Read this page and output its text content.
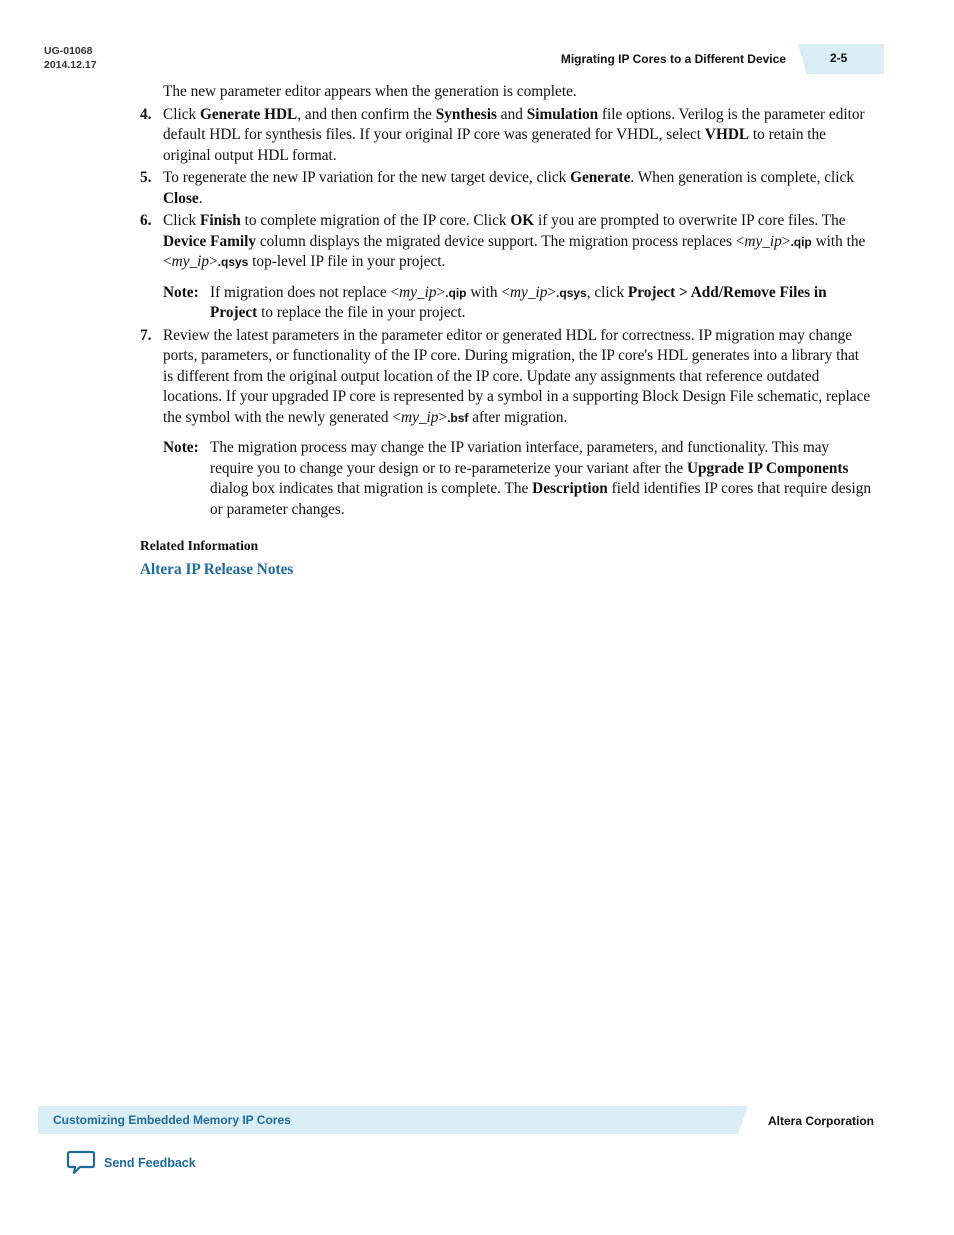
UG-01068
2014.12.17	Migrating IP Cores to a Different Device	2-5

The new parameter editor appears when the generation is complete.

4. Click Generate HDL, and then confirm the Synthesis and Simulation file options. Verilog is the parameter editor default HDL for synthesis files. If your original IP core was generated for VHDL, select VHDL to retain the original output HDL format.

5. To regenerate the new IP variation for the new target device, click Generate. When generation is complete, click Close.

6. Click Finish to complete migration of the IP core. Click OK if you are prompted to overwrite IP core files. The Device Family column displays the migrated device support. The migration process replaces <my_ip>.qip with the <my_ip>.qsys top-level IP file in your project.

Note: If migration does not replace <my_ip>.qip with <my_ip>.qsys, click Project > Add/Remove Files in Project to replace the file in your project.
7. Review the latest parameters in the parameter editor or generated HDL for correctness. IP migration may change ports, parameters, or functionality of the IP core. During migration, the IP core's HDL generates into a library that is different from the original output location of the IP core. Update any assignments that reference outdated locations. If your upgraded IP core is represented by a symbol in a supporting Block Design File schematic, replace the symbol with the newly generated <my_ip>.bsf after migration.

Note: The migration process may change the IP variation interface, parameters, and functionality. This may require you to change your design or to re-parameterize your variant after the Upgrade IP Components dialog box indicates that migration is complete. The Description field identifies IP cores that require design or parameter changes.
Related Information
Altera IP Release Notes
Customizing Embedded Memory IP Cores	Altera Corporation
Send Feedback
